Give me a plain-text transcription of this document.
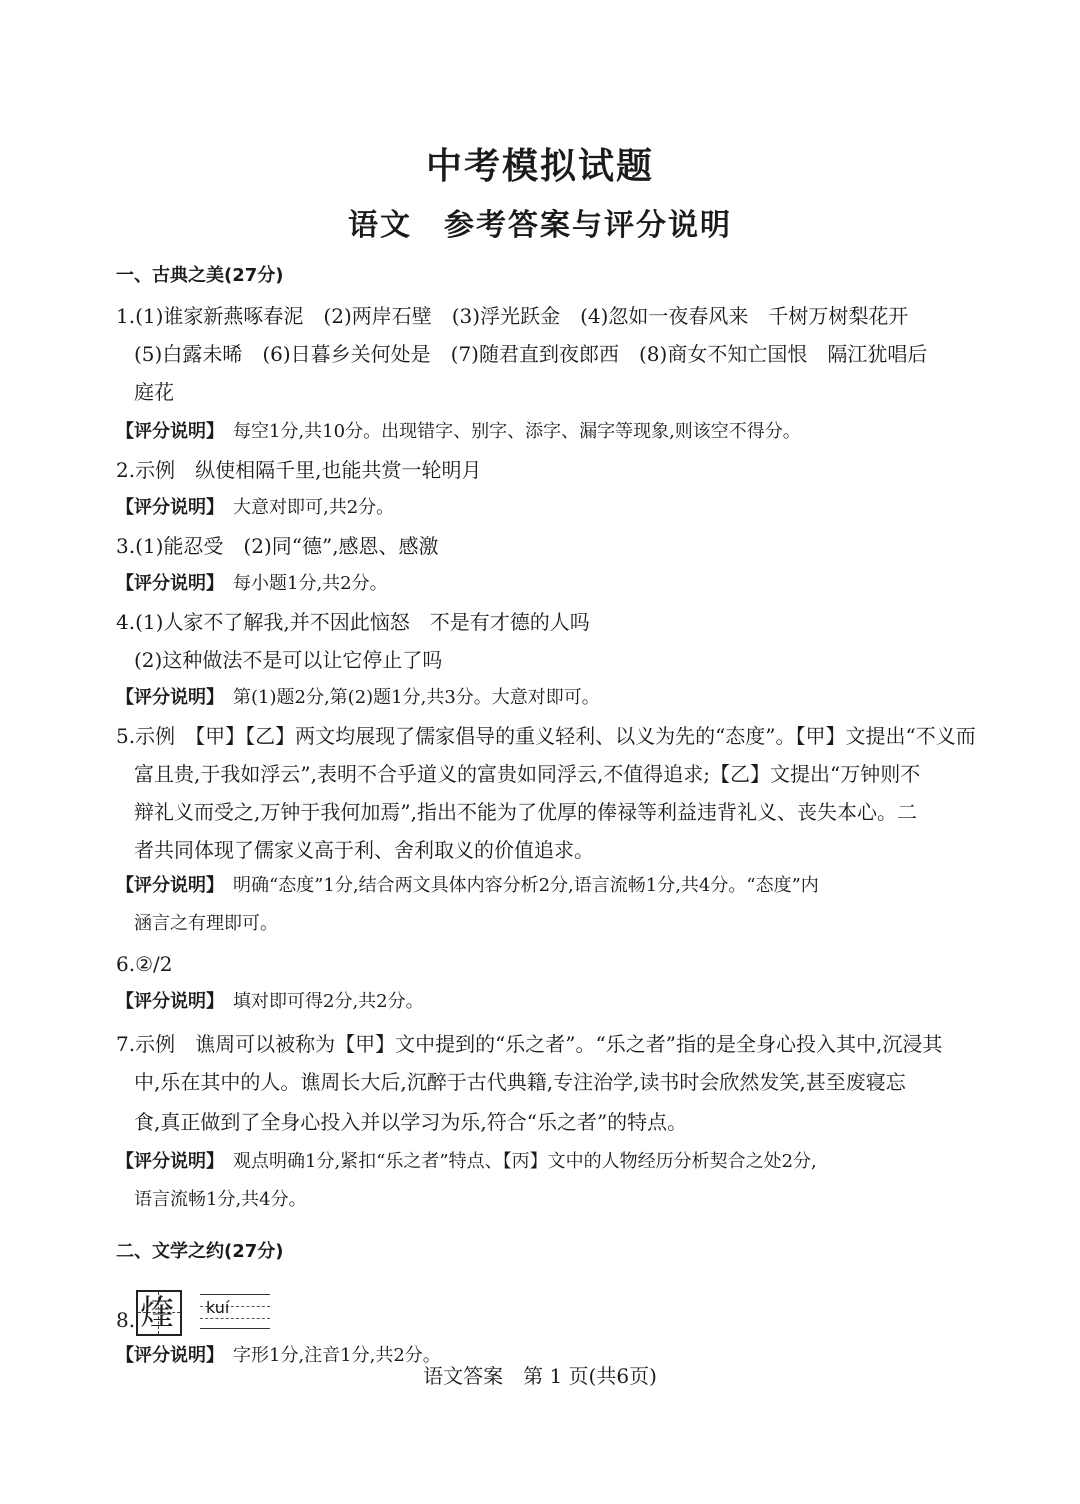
中考模拟试题
语文　参考答案与评分说明
一、古典之美(27分)
1.(1)谁家新燕啄春泥　(2)两岸石壁　(3)浮光跃金　(4)忽如一夜春风来　千树万树梨花开
(5)白露未晞　(6)日暮乡关何处是　(7)随君直到夜郎西　(8)商女不知亡国恨　隔江犹唱后
庭花
【评分说明】　每空1分,共10分。出现错字、别字、添字、漏字等现象,则该空不得分。
2.示例　纵使相隔千里,也能共赏一轮明月
【评分说明】　大意对即可,共2分。
3.(1)能忍受　(2)同“德”,感恩、感激
【评分说明】　每小题1分,共2分。
4.(1)人家不了解我,并不因此恼怒　不是有才德的人吗
(2)这种做法不是可以让它停止了吗
【评分说明】　第(1)题2分,第(2)题1分,共3分。大意对即可。
5.示例　【甲】【乙】两文均展现了儒家倡导的重义轻利、以义为先的“态度”。【甲】文提出“不义而
富且贵,于我如浮云”,表明不合乎道义的富贵如同浮云,不值得追求;【乙】文提出“万钟则不
辩礼义而受之,万钟于我何加焉”,指出不能为了优厚的俸禄等利益违背礼义、丧失本心。二
者共同体现了儒家义高于利、舍利取义的价值追求。
【评分说明】　明确“态度”1分,结合两文具体内容分析2分,语言流畅1分,共4分。“态度”内
涵言之有理即可。
6.②/2
【评分说明】　填对即可得2分,共2分。
7.示例　谯周可以被称为【甲】文中提到的“乐之者”。“乐之者”指的是全身心投入其中,沉浸其
中,乐在其中的人。谯周长大后,沉醉于古代典籍,专注治学,读书时会欣然发笑,甚至废寝忘
食,真正做到了全身心投入并以学习为乐,符合“乐之者”的特点。
【评分说明】　观点明确1分,紧扣“乐之者”特点、【丙】文中的人物经历分析契合之处2分,
语言流畅1分,共4分。
二、文学之约(27分)
8.
【评分说明】　字形1分,注音1分,共2分。
煃 kuí
语文答案　第 1 页(共6页)
